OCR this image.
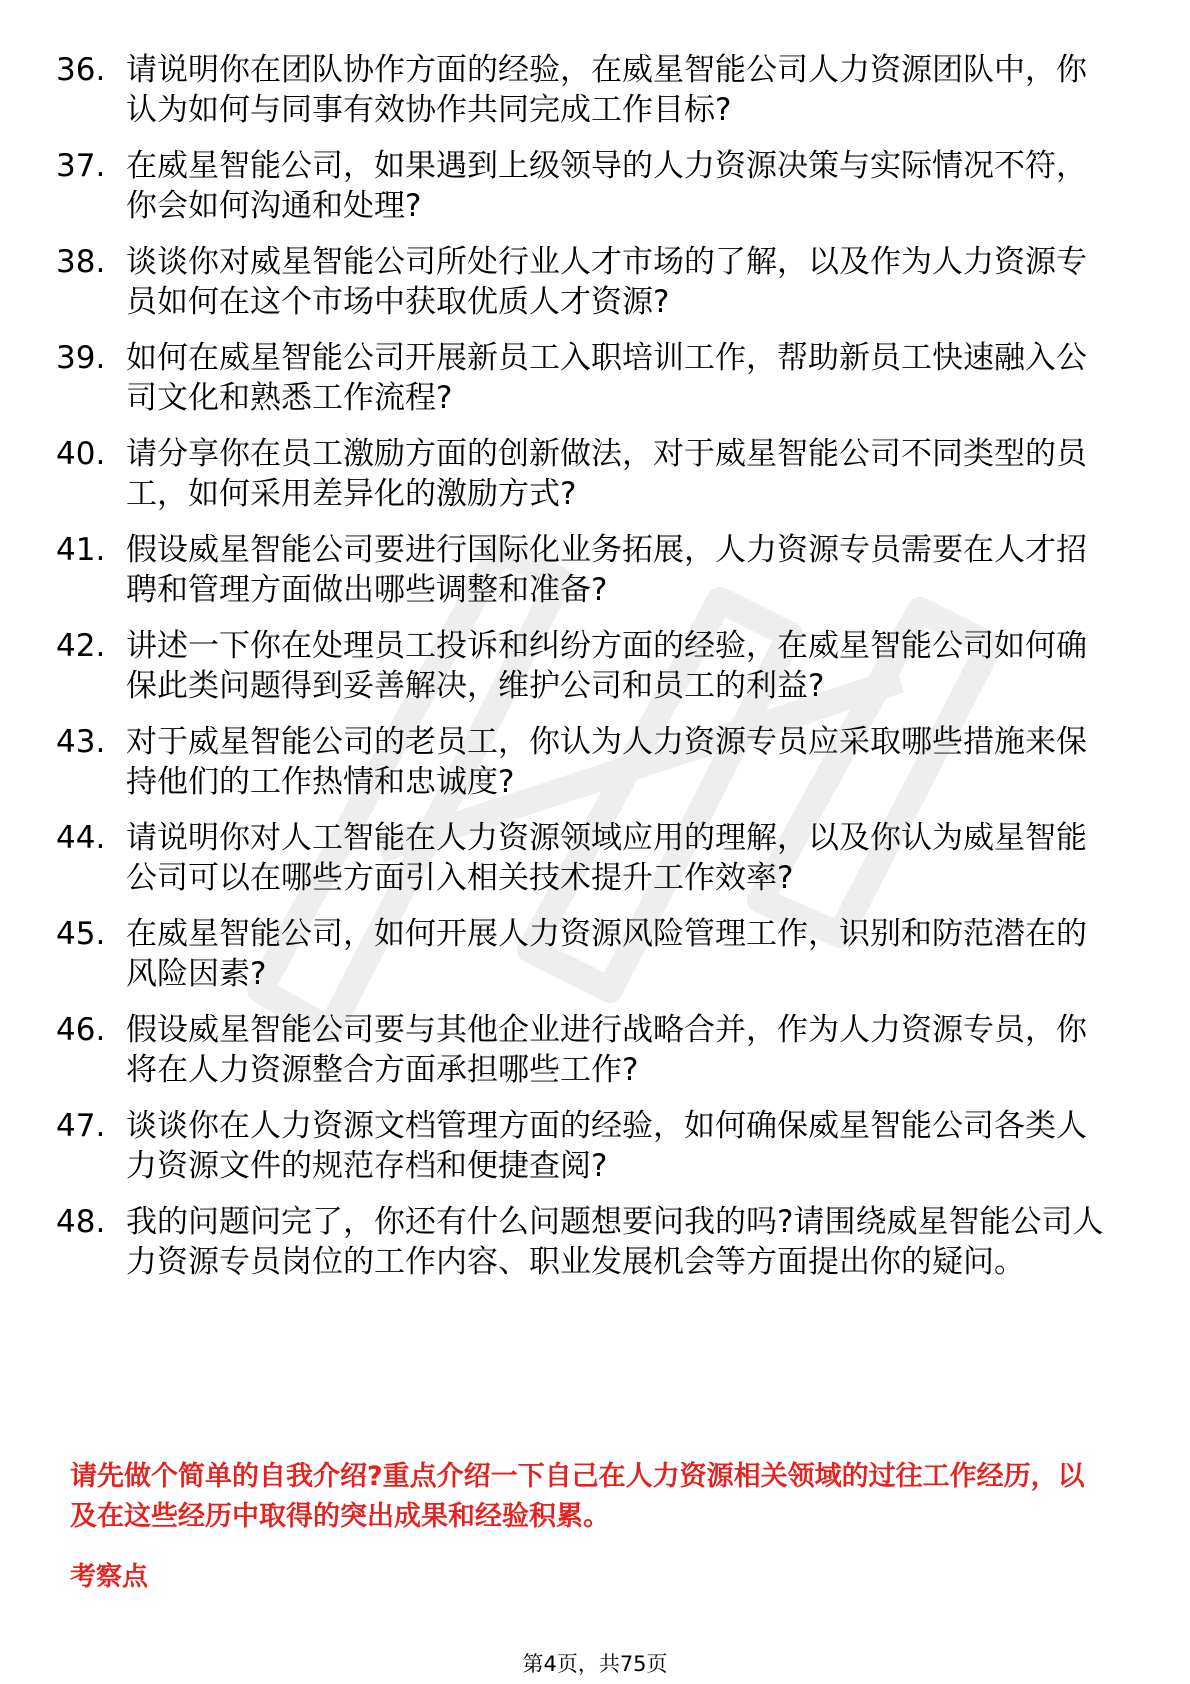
36. 请说明你在团队协作方面的经验，在威星智能公司人力资源团队中，你认为如何与同事有效协作共同完成工作目标?
37. 在威星智能公司，如果遇到上级领导的人力资源决策与实际情况不符，你会如何沟通和处理?
38. 谈谈你对威星智能公司所处行业人才市场的了解，以及作为人力资源专员如何在这个市场中获取优质人才资源?
39. 如何在威星智能公司开展新员工入职培训工作，帮助新员工快速融入公司文化和熟悉工作流程?
40. 请分享你在员工激励方面的创新做法，对于威星智能公司不同类型的员工，如何采用差异化的激励方式?
41. 假设威星智能公司要进行国际化业务拓展，人力资源专员需要在人才招聘和管理方面做出哪些调整和准备?
42. 讲述一下你在处理员工投诉和纠纷方面的经验，在威星智能公司如何确保此类问题得到妥善解决，维护公司和员工的利益?
43. 对于威星智能公司的老员工，你认为人力资源专员应采取哪些措施来保持他们的工作热情和忠诚度?
44. 请说明你对人工智能在人力资源领域应用的理解，以及你认为威星智能公司可以在哪些方面引入相关技术提升工作效率?
45. 在威星智能公司，如何开展人力资源风险管理工作，识别和防范潜在的风险因素?
46. 假设威星智能公司要与其他企业进行战略合并，作为人力资源专员，你将在人力资源整合方面承担哪些工作?
47. 谈谈你在人力资源文档管理方面的经验，如何确保威星智能公司各类人力资源文件的规范存档和便捷查阅?
48. 我的问题问完了，你还有什么问题想要问我的吗?请围绕威星智能公司人力资源专员岗位的工作内容、职业发展机会等方面提出你的疑问。
请先做个简单的自我介绍?重点介绍一下自己在人力资源相关领域的过往工作经历，以及在这些经历中取得的突出成果和经验积累。
考察点
第4页，共75页
